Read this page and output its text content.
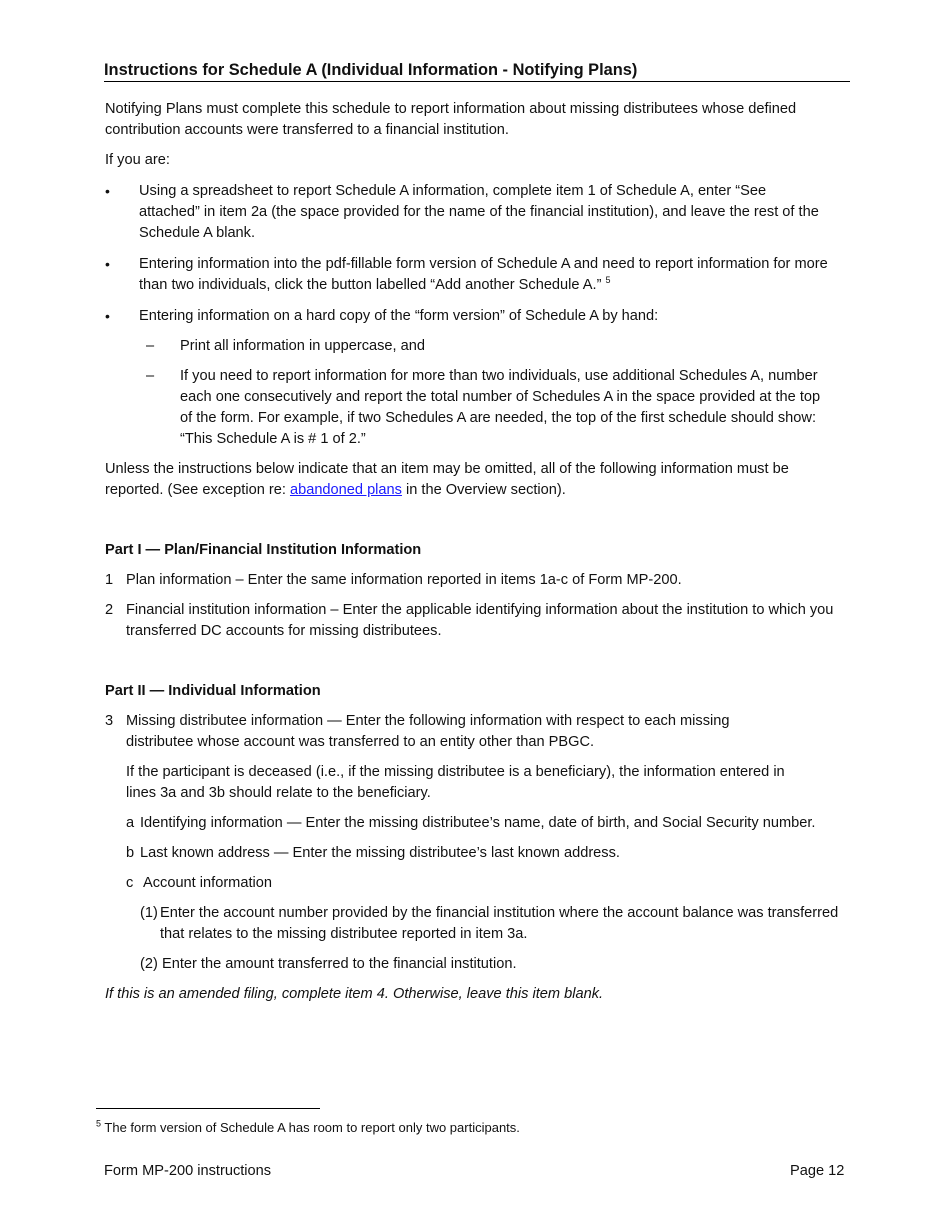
Instructions for Schedule A (Individual Information - Notifying Plans)
Notifying Plans must complete this schedule to report information about missing distributees whose defined contribution accounts were transferred to a financial institution.
If you are:
•	Using a spreadsheet to report Schedule A information, complete item 1 of Schedule A, enter “See attached” in item 2a (the space provided for the name of the financial institution), and leave the rest of the Schedule A blank.
•	Entering information into the pdf-fillable form version of Schedule A and need to report information for more than two individuals, click the button labelled “Add another Schedule A.” $^5$
•	Entering information on a hard copy of the “form version” of Schedule A by hand:
– Print all information in uppercase, and
– If you need to report information for more than two individuals, use additional Schedules A, number each one consecutively and report the total number of Schedules A in the space provided at the top of the form. For example, if two Schedules A are needed, the top of the first schedule should show: “This Schedule A is # 1 of 2.”
Unless the instructions below indicate that an item may be omitted, all of the following information must be reported. (See exception re: abandoned plans in the Overview section).
Part I — Plan/Financial Institution Information
1 Plan information – Enter the same information reported in items 1a-c of Form MP-200.
2 Financial institution information – Enter the applicable identifying information about the institution to which you transferred DC accounts for missing distributees.
Part II — Individual Information
3 Missing distributee information — Enter the following information with respect to each missing distributee whose account was transferred to an entity other than PBGC.
If the participant is deceased (i.e., if the missing distributee is a beneficiary), the information entered in lines 3a and 3b should relate to the beneficiary.
a Identifying information — Enter the missing distributee’s name, date of birth, and Social Security number.
b Last known address — Enter the missing distributee’s last known address.
c Account information
(1) Enter the account number provided by the financial institution where the account balance was transferred that relates to the missing distributee reported in item 3a.
(2) Enter the amount transferred to the financial institution.
If this is an amended filing, complete item 4. Otherwise, leave this item blank.
$^5$ The form version of Schedule A has room to report only two participants.
Form MP-200 instructions	Page 12
